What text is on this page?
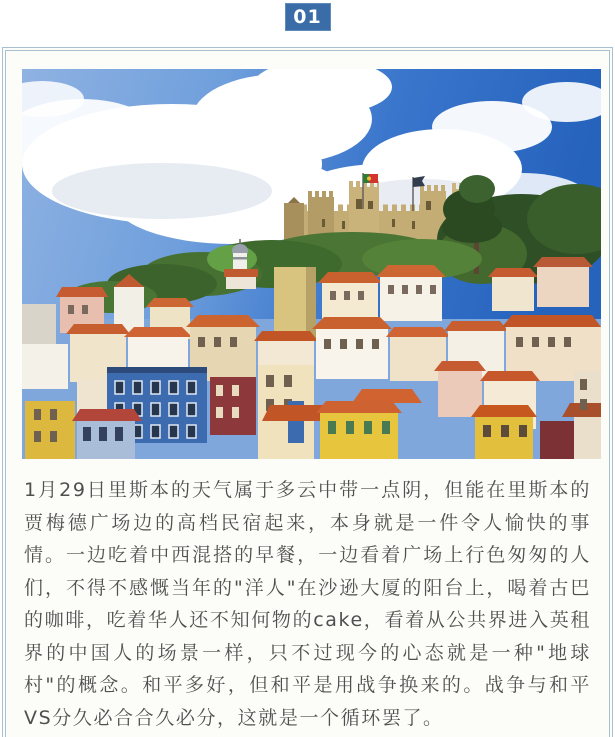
01

1月29日里斯本的天气属于多云中带一点阴，但能在里斯本的贾梅德广场边的高档民宿起来，本身就是一件令人愉快的事情。一边吃着中西混搭的早餐，一边看着广场上行色匆匆的人们，不得不感慨当年的"洋人"在沙逊大厦的阳台上，喝着古巴的咖啡，吃着华人还不知何物的cake，看着从公共界进入英租界的中国人的场景一样，只不过现今的心态就是一种"地球村"的概念。和平多好，但和平是用战争换来的。战争与和平VS分久必合合久必分，这就是一个循环罢了。
